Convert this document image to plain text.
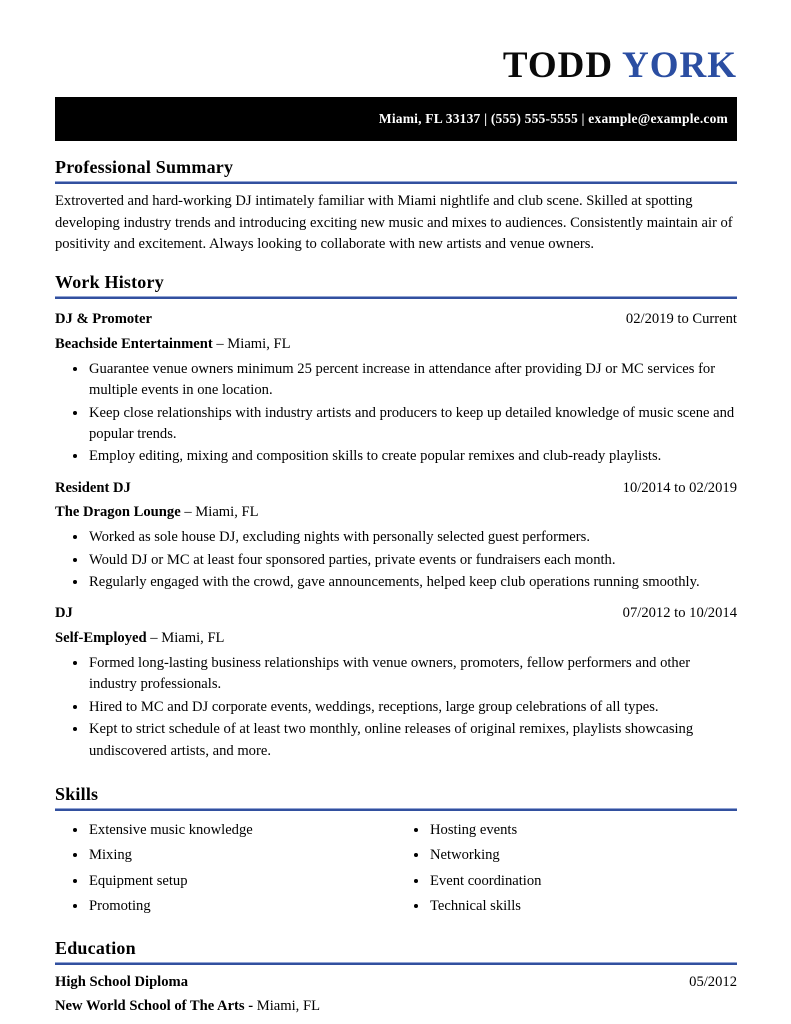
TODD YORK
Miami, FL 33137 | (555) 555-5555 | example@example.com
Professional Summary
Extroverted and hard-working DJ intimately familiar with Miami nightlife and club scene. Skilled at spotting developing industry trends and introducing exciting new music and mixes to audiences. Consistently maintain air of positivity and excitement. Always looking to collaborate with new artists and venue owners.
Work History
DJ & Promoter	02/2019 to Current
Beachside Entertainment – Miami, FL
• Guarantee venue owners minimum 25 percent increase in attendance after providing DJ or MC services for multiple events in one location.
• Keep close relationships with industry artists and producers to keep up detailed knowledge of music scene and popular trends.
• Employ editing, mixing and composition skills to create popular remixes and club-ready playlists.
Resident DJ	10/2014 to 02/2019
The Dragon Lounge – Miami, FL
• Worked as sole house DJ, excluding nights with personally selected guest performers.
• Would DJ or MC at least four sponsored parties, private events or fundraisers each month.
• Regularly engaged with the crowd, gave announcements, helped keep club operations running smoothly.
DJ	07/2012 to 10/2014
Self-Employed – Miami, FL
• Formed long-lasting business relationships with venue owners, promoters, fellow performers and other industry professionals.
• Hired to MC and DJ corporate events, weddings, receptions, large group celebrations of all types.
• Kept to strict schedule of at least two monthly, online releases of original remixes, playlists showcasing undiscovered artists, and more.
Skills
• Extensive music knowledge
• Mixing
• Equipment setup
• Promoting
• Hosting events
• Networking
• Event coordination
• Technical skills
Education
High School Diploma	05/2012
New World School of The Arts - Miami, FL
